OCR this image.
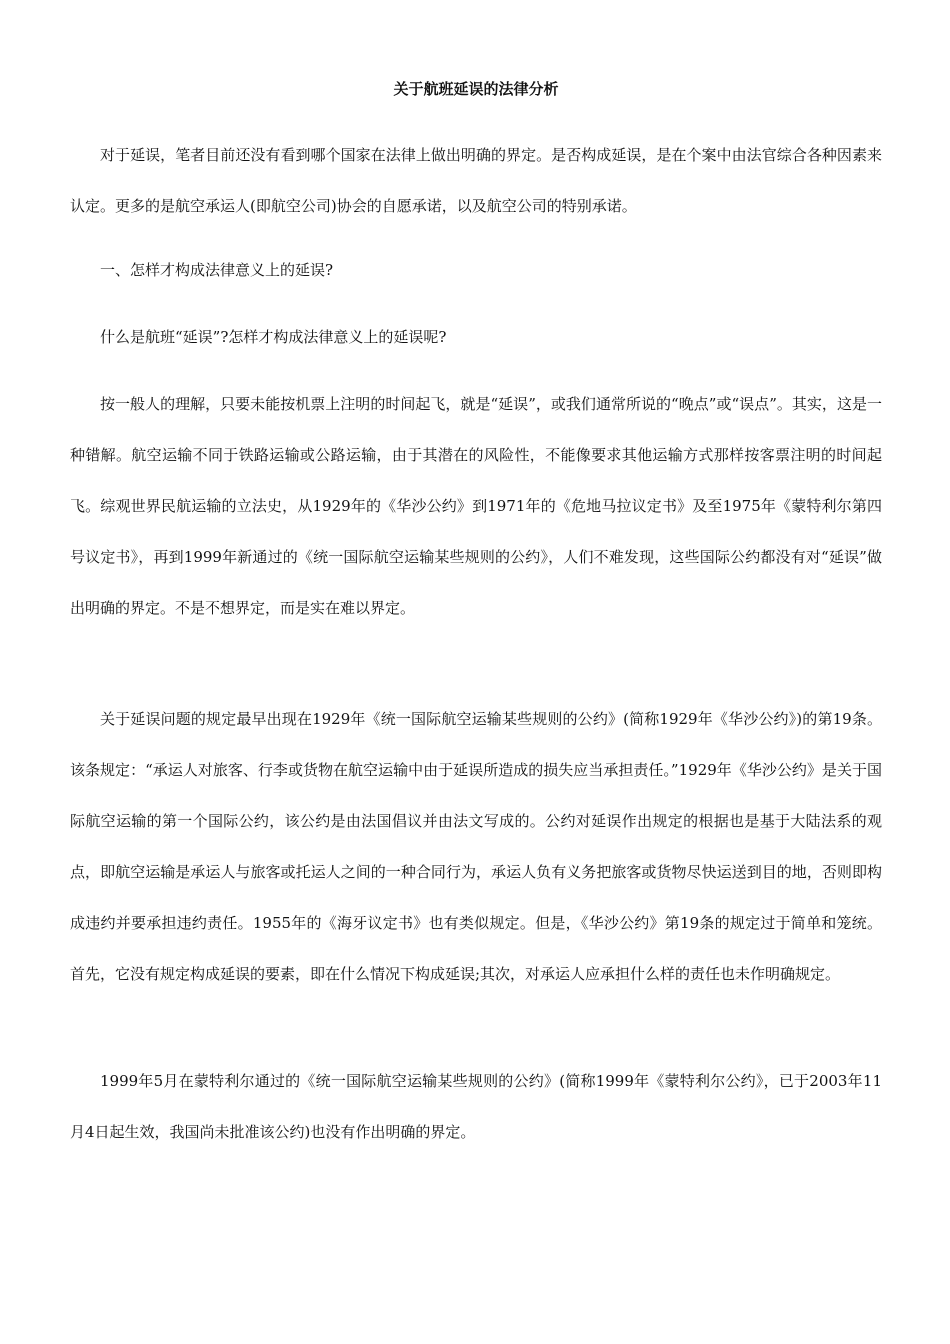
关于航班延误的法律分析

对于延误，笔者目前还没有看到哪个国家在法律上做出明确的界定。是否构成延误，是在个案中由法官综合各种因素来认定。更多的是航空承运人(即航空公司)协会的自愿承诺，以及航空公司的特别承诺。

一、怎样才构成法律意义上的延误?

什么是航班“延误”?怎样才构成法律意义上的延误呢?

按一般人的理解，只要未能按机票上注明的时间起飞，就是“延误”，或我们通常所说的“晚点”或“误点”。其实，这是一种错解。航空运输不同于铁路运输或公路运输，由于其潜在的风险性，不能像要求其他运输方式那样按客票注明的时间起飞。综观世界民航运输的立法史，从1929年的《华沙公约》到1971年的《危地马拉议定书》及至1975年《蒙特利尔第四号议定书》，再到1999年新通过的《统一国际航空运输某些规则的公约》，人们不难发现，这些国际公约都没有对“延误”做出明确的界定。不是不想界定，而是实在难以界定。

关于延误问题的规定最早出现在1929年《统一国际航空运输某些规则的公约》(简称1929年《华沙公约》)的第19条。该条规定：“承运人对旅客、行李或货物在航空运输中由于延误所造成的损失应当承担责任。”1929年《华沙公约》是关于国际航空运输的第一个国际公约，该公约是由法国倡议并由法文写成的。公约对延误作出规定的根据也是基于大陆法系的观点，即航空运输是承运人与旅客或托运人之间的一种合同行为，承运人负有义务把旅客或货物尽快运送到目的地，否则即构成违约并要承担违约责任。1955年的《海牙议定书》也有类似规定。但是，《华沙公约》第19条的规定过于简单和笼统。首先，它没有规定构成延误的要素，即在什么情况下构成延误;其次，对承运人应承担什么样的责任也未作明确规定。

1999年5月在蒙特利尔通过的《统一国际航空运输某些规则的公约》(简称1999年《蒙特利尔公约》，已于2003年11月4日起生效，我国尚未批准该公约)也没有作出明确的界定。
